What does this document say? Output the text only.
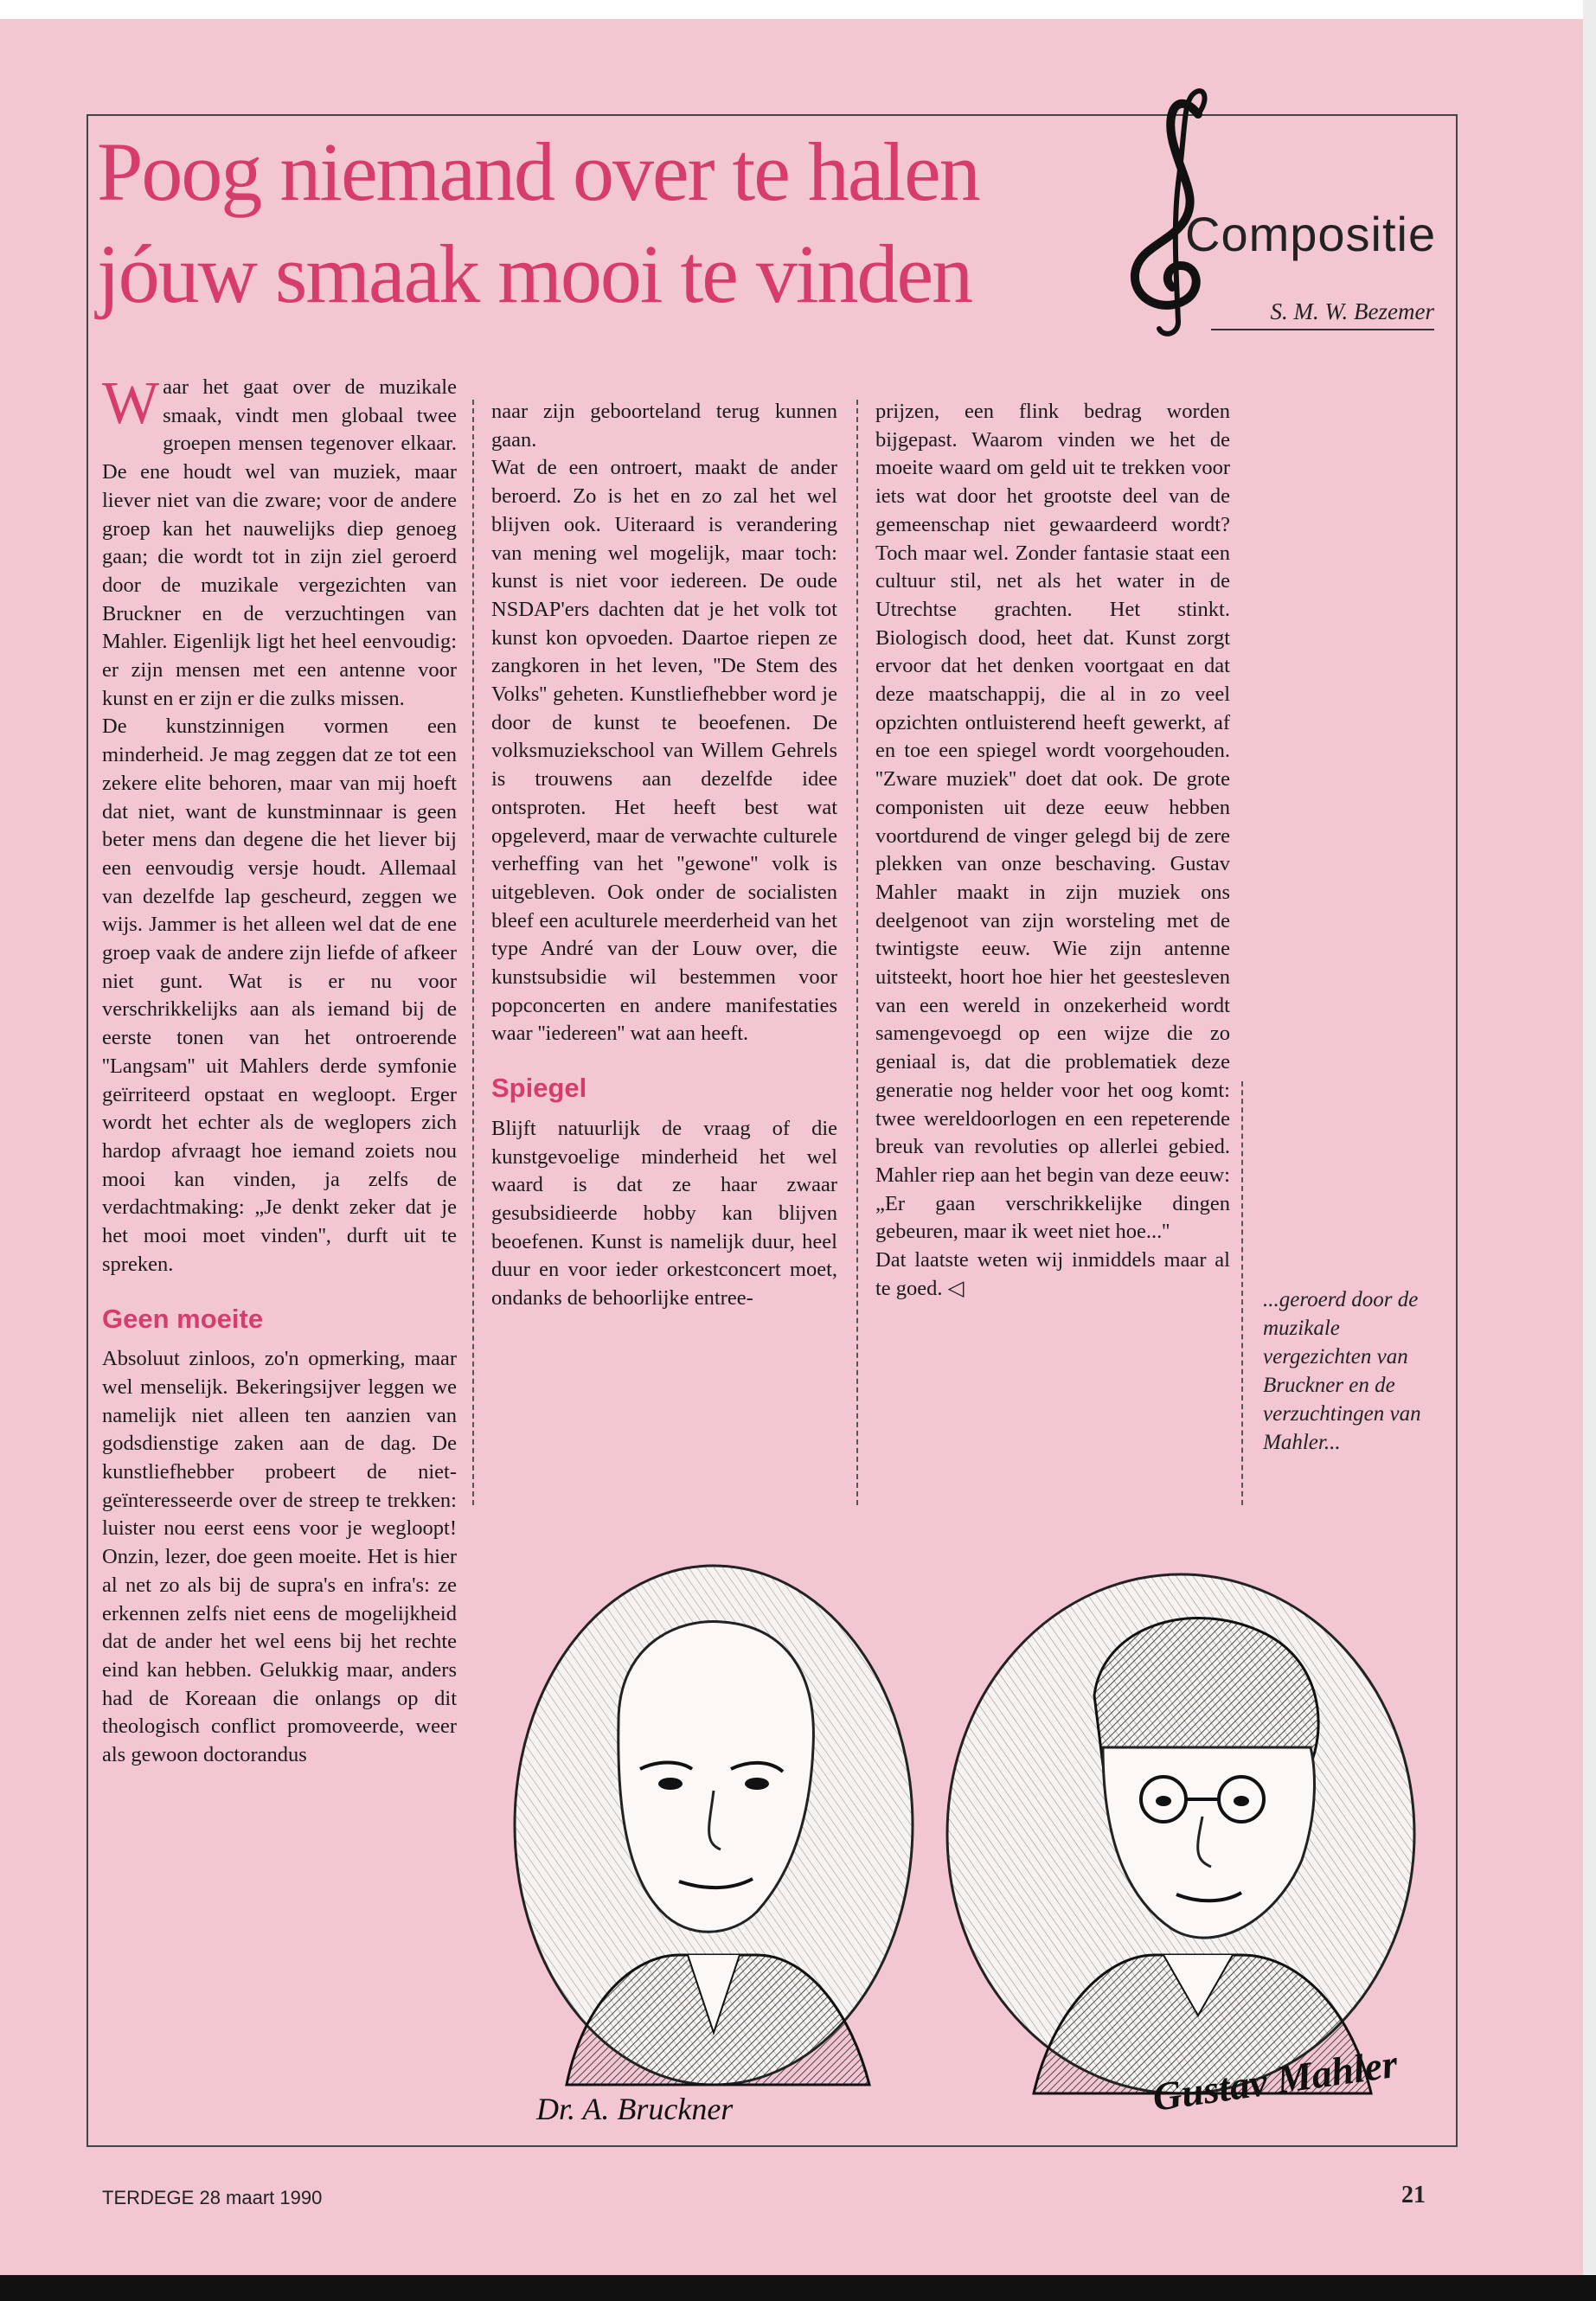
Poog niemand over te halen
jóuw smaak mooi te vinden	Compositie
S. M. W. Bezemer

Waar het gaat over de muzikale smaak, vindt men globaal twee groepen mensen tegenover elkaar. De ene houdt wel van muziek, maar liever niet van die zware; voor de andere groep kan het nauwelijks diep genoeg gaan; die wordt tot in zijn ziel geroerd door de muzikale vergezichten van Bruckner en de verzuchtingen van Mahler. Eigenlijk ligt het heel eenvoudig: er zijn mensen met een antenne voor kunst en er zijn er die zulks missen.

De kunstzinnigen vormen een minderheid. Je mag zeggen dat ze tot een zekere elite behoren, maar van mij hoeft dat niet, want de kunstminnaar is geen beter mens dan degene die het liever bij een eenvoudig versje houdt. Allemaal van dezelfde lap gescheurd, zeggen we wijs. Jammer is het alleen wel dat de ene groep vaak de andere zijn liefde of afkeer niet gunt. Wat is er nu voor verschrikkelijks aan als iemand bij de eerste tonen van het ontroerende ''Langsam'' uit Mahlers derde symfonie geïrriteerd opstaat en wegloopt. Erger wordt het echter als de weglopers zich hardop afvraagt hoe iemand zoiets nou mooi kan vinden, ja zelfs de verdachtmaking: „Je denkt zeker dat je het mooi moet vinden'', durft uit te spreken.

Geen moeite

Absoluut zinloos, zo'n opmerking, maar wel menselijk. Bekeringsijver leggen we namelijk niet alleen ten aanzien van godsdienstige zaken aan de dag. De kunstliefhebber probeert de niet-geïnteresseerde over de streep te trekken: luister nou eerst eens voor je wegloopt! Onzin, lezer, doe geen moeite. Het is hier al net zo als bij de supra's en infra's: ze erkennen zelfs niet eens de mogelijkheid dat de ander het wel eens bij het rechte eind kan hebben. Gelukkig maar, anders had de Koreaan die onlangs op dit theologisch conflict promoveerde, weer als gewoon doctorandus

naar zijn geboorteland terug kunnen gaan.

Wat de een ontroert, maakt de ander beroerd. Zo is het en zo zal het wel blijven ook. Uiteraard is verandering van mening wel mogelijk, maar toch: kunst is niet voor iedereen. De oude NSDAP'ers dachten dat je het volk tot kunst kon opvoeden. Daartoe riepen ze zangkoren in het leven, ''De Stem des Volks'' geheten. Kunstliefhebber word je door de kunst te beoefenen. De volksmuziekschool van Willem Gehrels is trouwens aan dezelfde idee ontsproten. Het heeft best wat opgeleverd, maar de verwachte culturele verheffing van het ''gewone'' volk is uitgebleven. Ook onder de socialisten bleef een aculturele meerderheid van het type André van der Louw over, die kunstsubsidie wil bestemmen voor popconcerten en andere manifestaties waar ''iedereen'' wat aan heeft.

Spiegel

Blijft natuurlijk de vraag of die kunstgevoelige minderheid het wel waard is dat ze haar zwaar gesubsidieerde hobby kan blijven beoefenen. Kunst is namelijk duur, heel duur en voor ieder orkestconcert moet, ondanks de behoorlijke entree-

prijzen, een flink bedrag worden bijgepast. Waarom vinden we het de moeite waard om geld uit te trekken voor iets wat door het grootste deel van de gemeenschap niet gewaardeerd wordt? Toch maar wel. Zonder fantasie staat een cultuur stil, net als het water in de Utrechtse grachten. Het stinkt. Biologisch dood, heet dat. Kunst zorgt ervoor dat het denken voortgaat en dat deze maatschappij, die al in zo veel opzichten ontluisterend heeft gewerkt, af en toe een spiegel wordt voorgehouden. ''Zware muziek'' doet dat ook. De grote componisten uit deze eeuw hebben voortdurend de vinger gelegd bij de zere plekken van onze beschaving. Gustav Mahler maakt in zijn muziek ons deelgenoot van zijn worsteling met de twintigste eeuw. Wie zijn antenne uitsteekt, hoort hoe hier het geestesleven van een wereld in onzekerheid wordt samengevoegd op een wijze die zo geniaal is, dat die problematiek deze generatie nog helder voor het oog komt: twee wereldoorlogen en een repeterende breuk van revoluties op allerlei gebied. Mahler riep aan het begin van deze eeuw: „Er gaan verschrikkelijke dingen gebeuren, maar ik weet niet hoe...''

Dat laatste weten wij inmiddels maar al te goed. ◁	...geroerd door de muzikale vergezichten van Bruckner en de verzuchtingen van Mahler...
Dr. A. Bruckner	Gustav Mahler
TERDEGE 28 maart 1990	21
